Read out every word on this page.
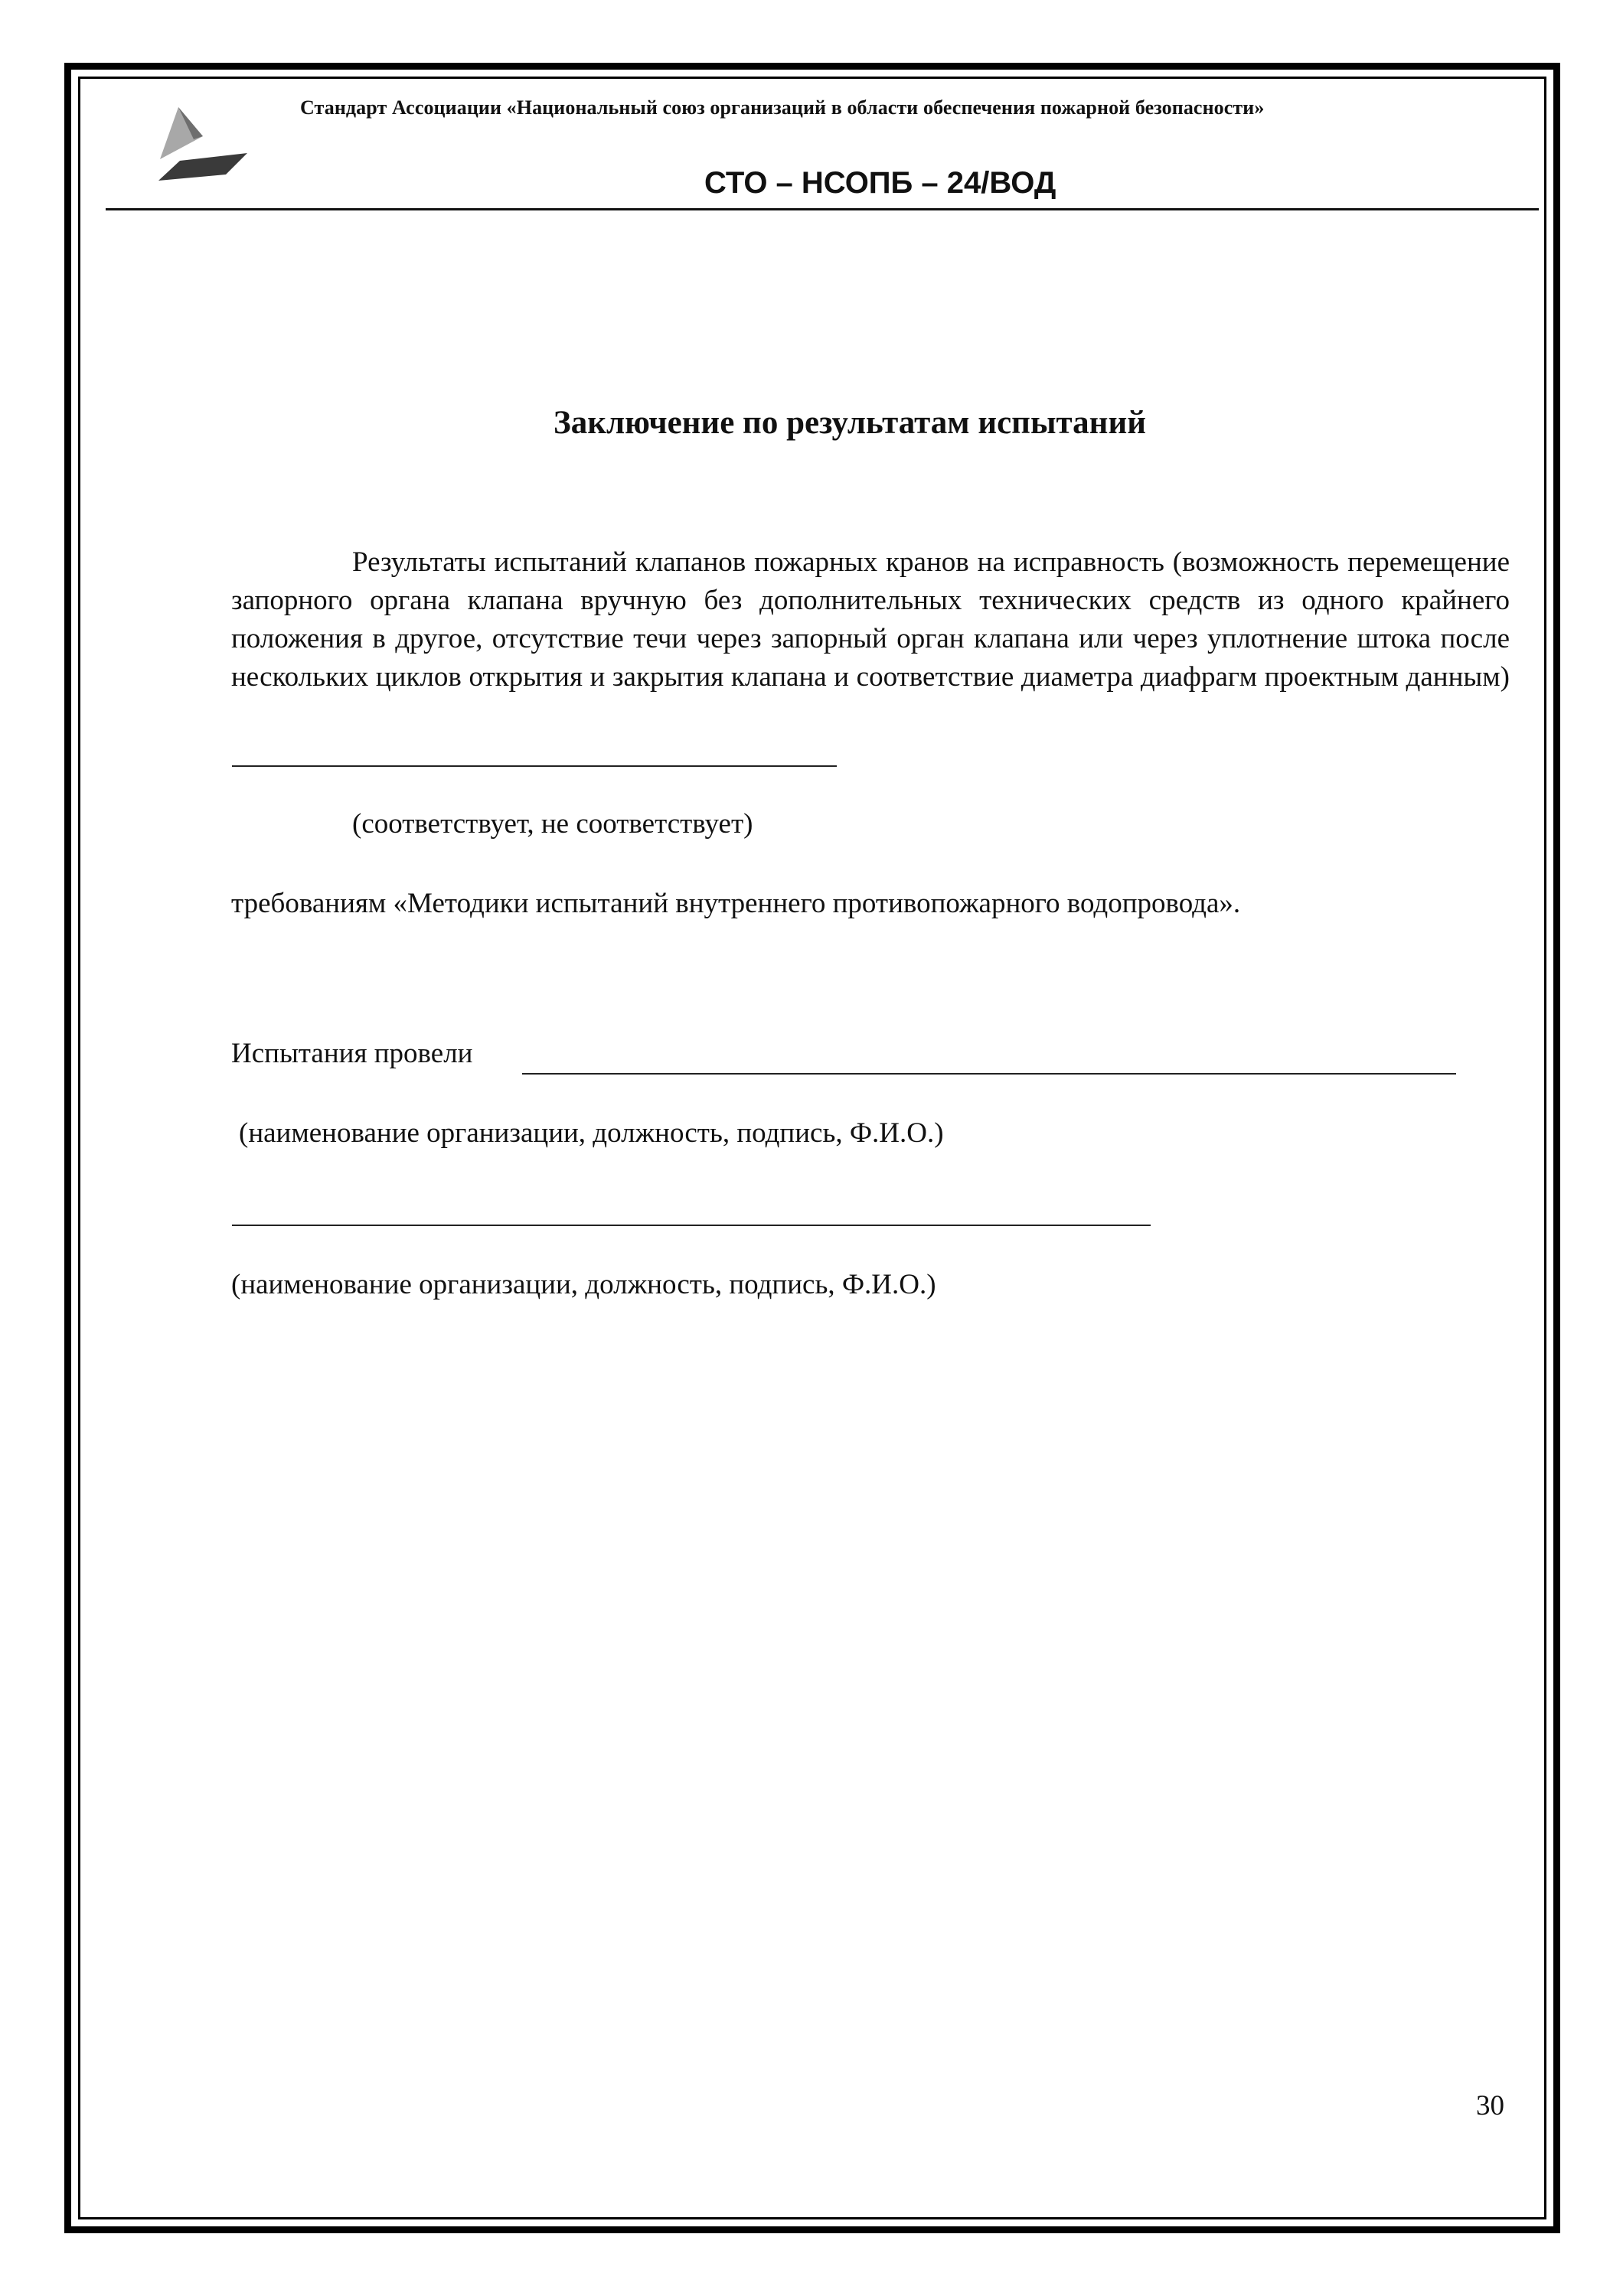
Стандарт Ассоциации «Национальный союз организаций в области обеспечения пожарной безопасности»
СТО – НСОПБ – 24/ВОД
Заключение по результатам испытаний
Результаты испытаний клапанов пожарных кранов на исправность (возможность перемещение запорного органа клапана вручную без дополнительных технических средств из одного крайнего положения в другое, отсутствие течи через запорный орган клапана или через уплотнение штока после нескольких циклов открытия и закрытия клапана и соответствие диаметра диафрагм проектным данным)
(соответствует, не соответствует)
требованиям «Методики испытаний внутреннего противопожарного водопровода».
Испытания провели
(наименование организации, должность, подпись, Ф.И.О.)
(наименование организации, должность, подпись, Ф.И.О.)
30
